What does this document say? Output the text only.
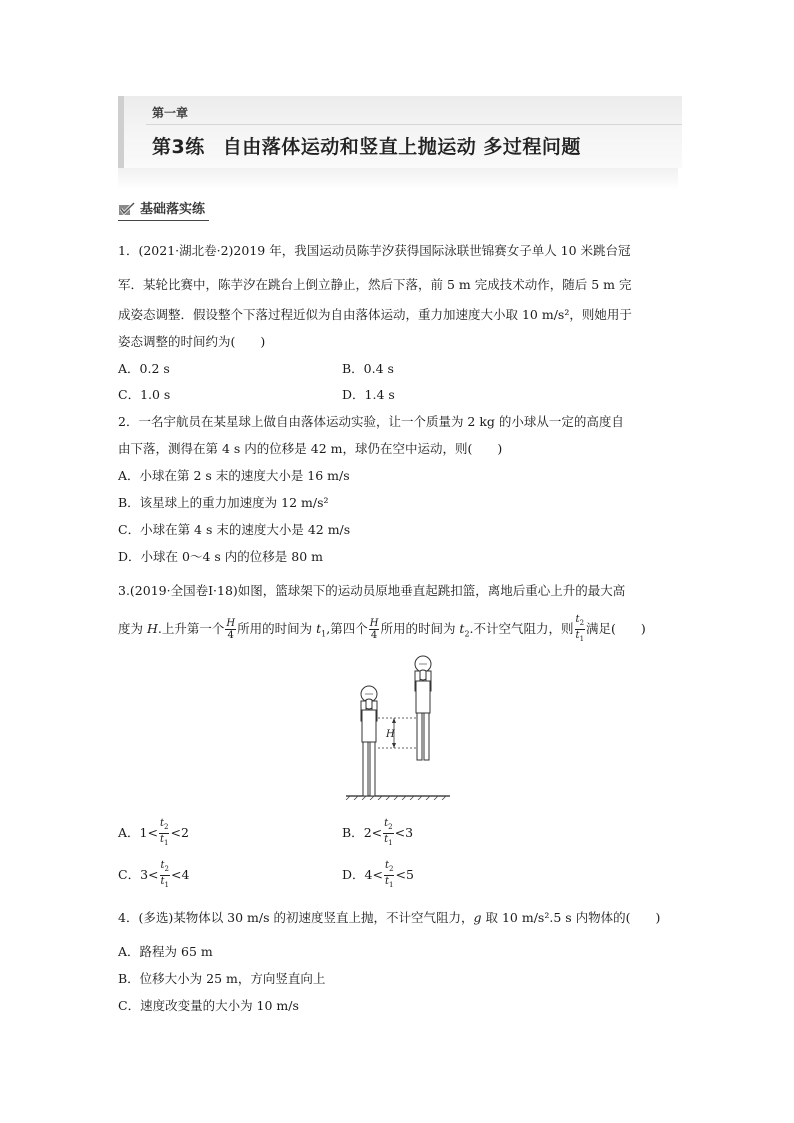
第一章
第3练 自由落体运动和竖直上抛运动 多过程问题
基础落实练
1．(2021·湖北卷·2)2019 年，我国运动员陈芋汐获得国际泳联世锦赛女子单人 10 米跳台冠
军．某轮比赛中，陈芋汐在跳台上倒立静止，然后下落，前 5 m 完成技术动作，随后 5 m 完
成姿态调整．假设整个下落过程近似为自由落体运动，重力加速度大小取 10 m/s²，则她用于
姿态调整的时间约为(　　)
A．0.2 s	B．0.4 s
C．1.0 s	D．1.4 s
2．一名宇航员在某星球上做自由落体运动实验，让一个质量为 2 kg 的小球从一定的高度自
由下落，测得在第 4 s 内的位移是 42 m，球仍在空中运动，则(　　)
A．小球在第 2 s 末的速度大小是 16 m/s
B．该星球上的重力加速度为 12 m/s²
C．小球在第 4 s 末的速度大小是 42 m/s
D．小球在 0～4 s 内的位移是 80 m
3.(2019·全国卷Ⅰ·18)如图，篮球架下的运动员原地垂直起跳扣篮，离地后重心上升的最大高
度为 H.上升第一个 $\frac{H}{4}$ 所用的时间为 $t_1$,第四个 $\frac{H}{4}$ 所用的时间为 $t_2$.不计空气阻力，则 $\frac{t_2}{t_1}$ 满足(　　)
H
A．$1< \frac{t_2}{t_1} <2$	B．$2< \frac{t_2}{t_1} <3$
C．$3< \frac{t_2}{t_1} <4$	D．$4< \frac{t_2}{t_1} <5$
4．(多选)某物体以 30 m/s 的初速度竖直上抛，不计空气阻力，g 取 10 m/s².5 s 内物体的(　　)
A．路程为 65 m
B．位移大小为 25 m，方向竖直向上
C．速度改变量的大小为 10 m/s
